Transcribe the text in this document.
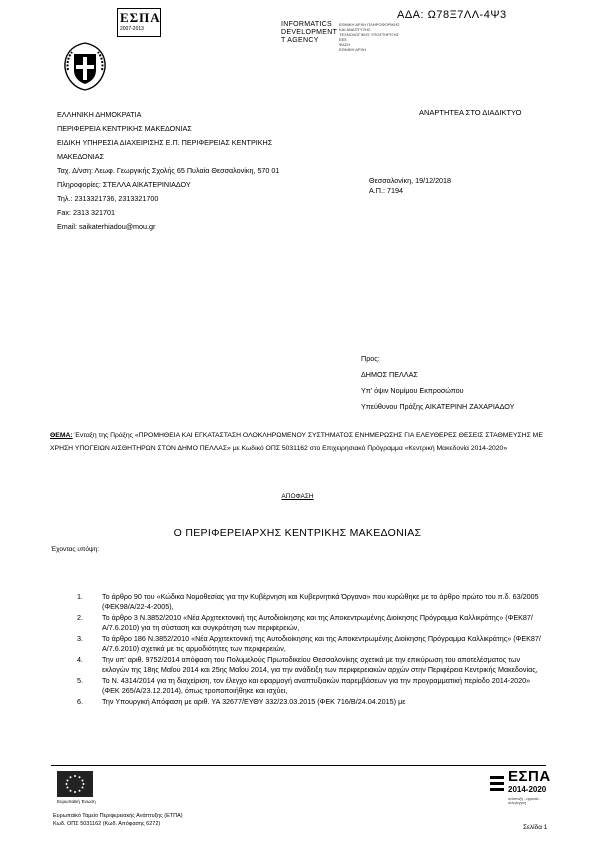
ΕΣΠΑ
2007-2013
INFORMATICS
DEVELOPMENT
T AGENCY
ΕΘΝΙΚΗ ΑΡΧΗ ΠΛΗΡΟΦΟΡΙΚΗΣ
ΚΑΙ ΑΝΑΠΤΥΞΗΣ
ΤΕΧΝΟΛΟΓΙΚΗΣ ΥΠΟΣΤΗΡΙΞΗΣ
ΕΕΕ
ΦΑΣΗ
ΕΘΝΙΚΗ ΑΡΧΗ
ΑΔΑ: Ω78Ξ7ΛΛ-4Ψ3
ΕΛΛΗΝΙΚΗ ΔΗΜΟΚΡΑΤΙΑ
ΠΕΡΙΦΕΡΕΙΑ ΚΕΝΤΡΙΚΗΣ ΜΑΚΕΔΟΝΙΑΣ
ΕΙΔΙΚΗ ΥΠΗΡΕΣΙΑ ΔΙΑΧΕΙΡΙΣΗΣ Ε.Π. ΠΕΡΙΦΕΡΕΙΑΣ ΚΕΝΤΡΙΚΗΣ
ΜΑΚΕΔΟΝΙΑΣ
Ταχ. Δ/νση: Λεωφ. Γεωργικής Σχολής 65 Πυλαία Θεσσαλονίκη, 570 01
Πληροφορίες: ΣΤΕΛΛΑ ΑΙΚΑΤΕΡΙΝΙΑΔΟΥ
Τηλ.: 2313321736, 2313321700
Fax: 2313 321701
Email: saikaterhiadou@mou.gr
ΑΝΑΡΤΗΤΕΑ ΣΤΟ ΔΙΑΔΙΚΤΥΟ
Θεσσαλονίκη, 19/12/2018
Α.Π.: 7194
Προς:
ΔΗΜΟΣ ΠΕΛΛΑΣ
Υπ' όψιν Νομίμου Εκπροσώπου
Υπεύθυνου Πράξης ΑΙΚΑΤΕΡΙΝΗ ΖΑΧΑΡΙΑΔΟΥ
ΘΕΜΑ: Ένταξη της Πράξης «ΠΡΟΜΗΘΕΙΑ ΚΑΙ ΕΓΚΑΤΑΣΤΑΣΗ ΟΛΟΚΛΗΡΩΜΕΝΟΥ ΣΥΣΤΗΜΑΤΟΣ ΕΝΗΜΕΡΩΣΗΣ ΓΙΑ ΕΛΕΥΘΕΡΕΣ ΘΕΣΕΙΣ ΣΤΑΘΜΕΥΣΗΣ ΜΕ ΧΡΗΣΗ ΥΠΟΓΕΙΩΝ ΑΙΣΘΗΤΗΡΩΝ ΣΤΟΝ ΔΗΜΟ ΠΕΛΛΑΣ» με Κωδικό ΟΠΣ 5031162 στο Επιχειρησιακό Πρόγραμμα «Κεντρική Μακεδονία 2014-2020»
ΑΠΟΦΑΣΗ
Ο ΠΕΡΙΦΕΡΕΙΑΡΧΗΣ ΚΕΝΤΡΙΚΗΣ ΜΑΚΕΔΟΝΙΑΣ
Έχοντας υπόψη:
1.	Το άρθρο 90 του «Κώδικα Νομοθεσίας για την Κυβέρνηση και Κυβερνητικά Όργανα» που κυρώθηκε με το άρθρο πρώτο του π.δ. 63/2005 (ΦΕΚ98/Α/22-4-2005),
2.	Το άρθρο 3 Ν.3852/2010 «Νέα Αρχιτεκτονική της Αυτοδιοίκησης και της Αποκεντρωμένης Διοίκησης Πρόγραμμα Καλλικράτης» (ΦΕΚ87/Α/7.6.2010) για τη σύσταση και συγκρότηση των περιφερειών,
3.	Το άρθρο 186 Ν.3852/2010 «Νέα Αρχιτεκτονική της Αυτοδιοίκησης και της Αποκεντρωμένης Διοίκησης Πρόγραμμα Καλλικράτης» (ΦΕΚ87/Α/7.6.2010) σχετικά με τις αρμοδιότητες των περιφερειών,
4.	Την υπ' αριθ. 9752/2014 απόφαση του Πολυμελούς Πρωτοδικείου Θεσσαλονίκης σχετικά με την επικύρωση του αποτελέσματος των εκλογών της 18ης Μαΐου 2014 και 25ης Μαΐου 2014, για την ανάδειξη των περιφερειακών αρχών στην Περιφέρεια Κεντρικής Μακεδονίας,
5.	Το Ν. 4314/2014 για τη διαχείριση, τον έλεγχο και εφαρμογή αναπτυξιακών παρεμβάσεων για την προγραμματική περίοδο 2014-2020» (ΦΕΚ 265/Α/23.12.2014), όπως τροποποιήθηκε και ισχύει,
6.	Την Υπουργική Απόφαση με αριθ. ΥΑ 32677/ΕΥΘΥ 332/23.03.2015 (ΦΕΚ 716/Β/24.04.2015) με
Ευρωπαϊκή Ένωση
Ευρωπαϊκό Ταμείο Περιφερειακής Ανάπτυξης (ΕΤΠΑ)
Κωδ. ΟΠΣ 5031162 (Κωδ. Απόφασης 6272)
ΕΣΠΑ
2014-2020
ανάπτυξη - εργασία - αλληλεγγύη
Σελίδα 1
